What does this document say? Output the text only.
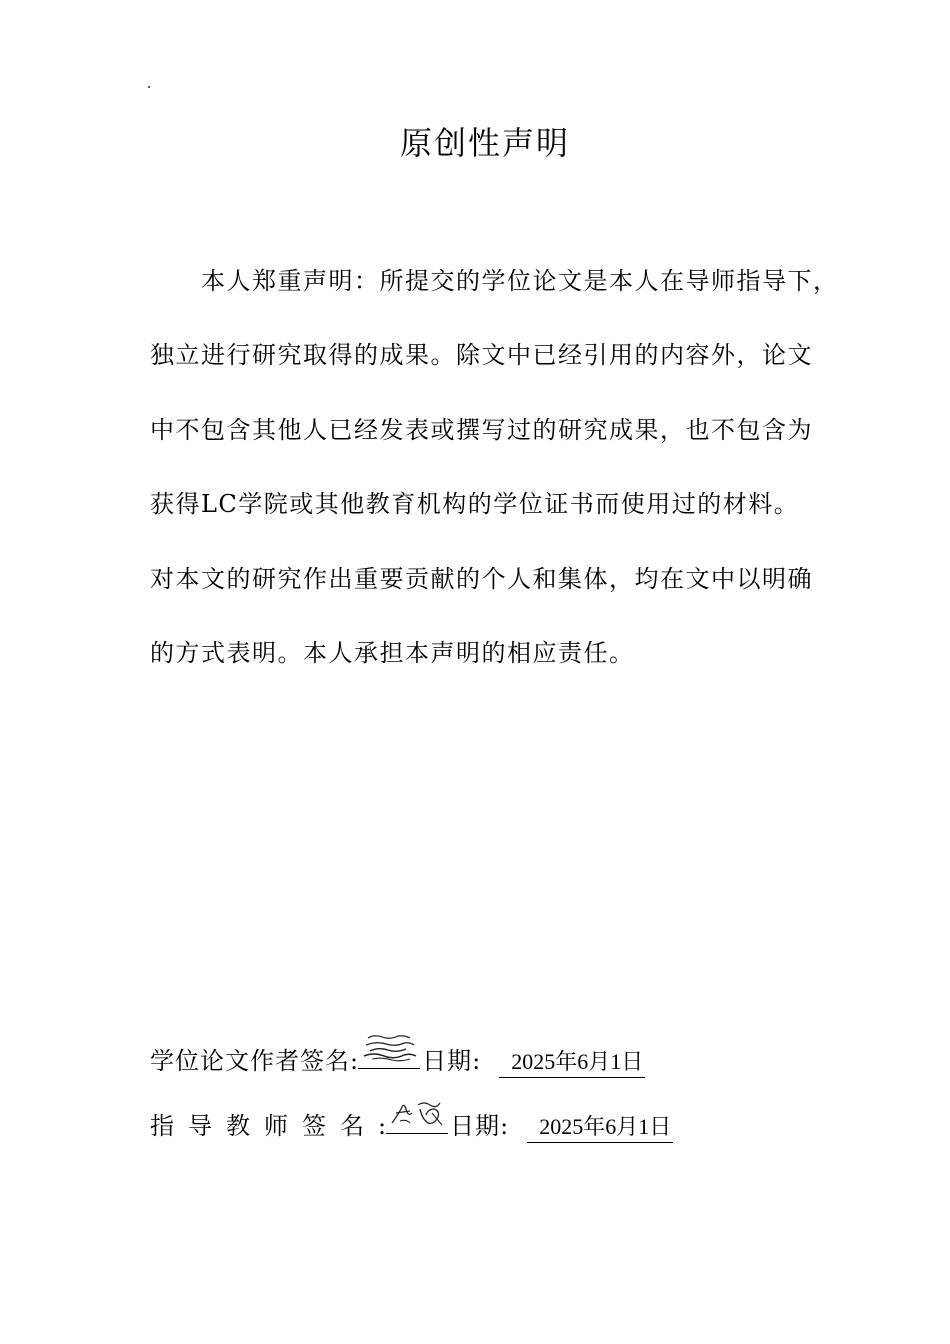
原创性声明
本人郑重声明：所提交的学位论文是本人在导师指导下，
独立进行研究取得的成果。除文中已经引用的内容外，论文
中不包含其他人已经发表或撰写过的研究成果，也不包含为
获得LC学院或其他教育机构的学位证书而使用过的材料。
对本文的研究作出重要贡献的个人和集体，均在文中以明确
的方式表明。本人承担本声明的相应责任。
学位论文作者签名 :	日期:	2025年6月1日
指导教师签名 :	日期:	2025年6月1日
